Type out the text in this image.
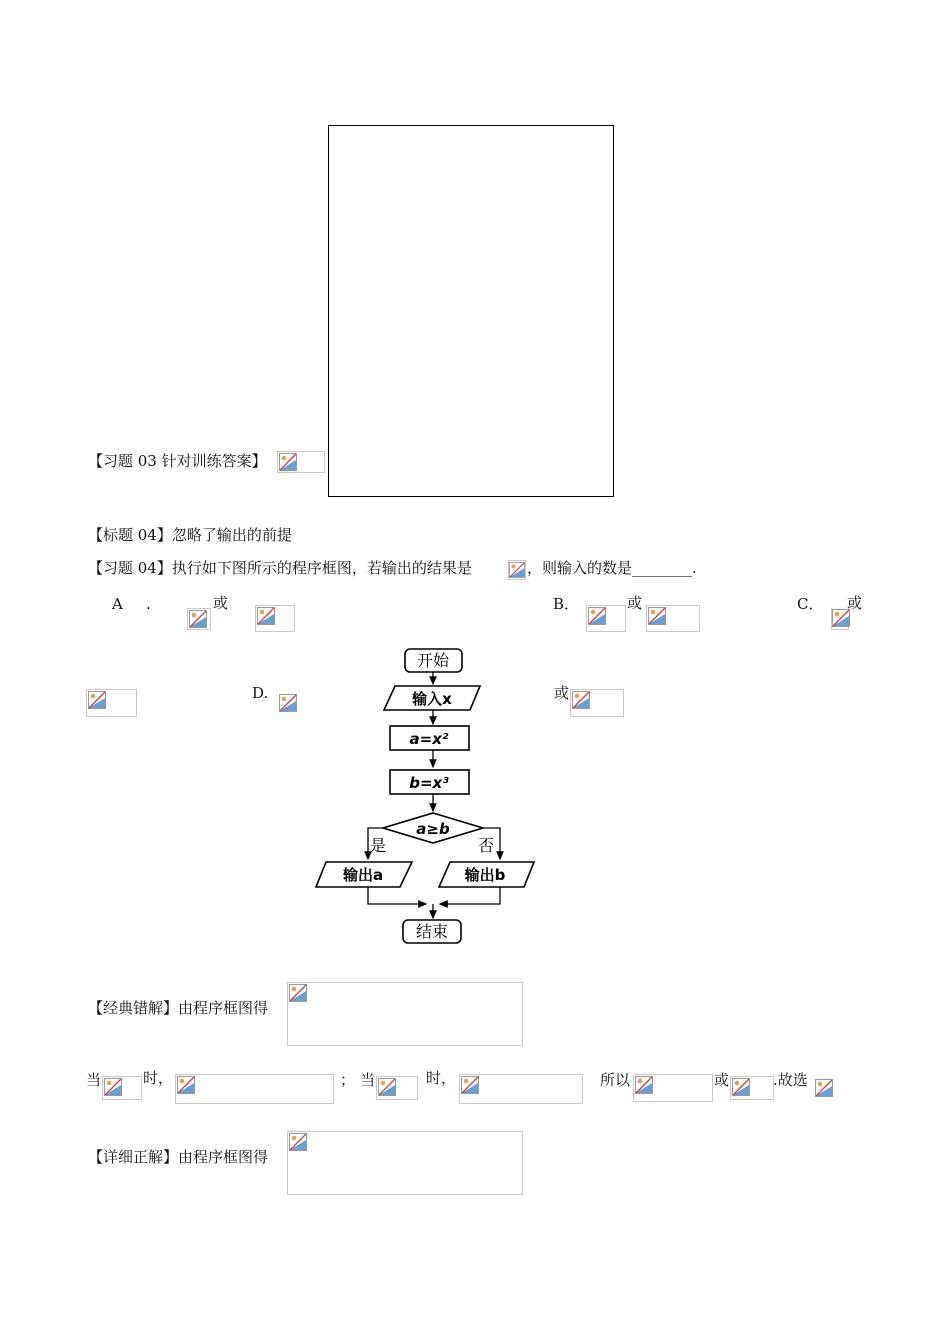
【习题 03 针对训练答案】
【标题 04】忽略了输出的前提
【习题 04】执行如下图所示的程序框图，若输出的结果是	，则输入的数是________.
A .	或	B．	或	C． 或
D.	或
开始
输入x
a=x²
b=x³
a≥b
是	否
输出a	输出b
结束
【经典错解】由程序框图得
当	时，	； 当	时，	所以	或	.故选
【详细正解】由程序框图得
